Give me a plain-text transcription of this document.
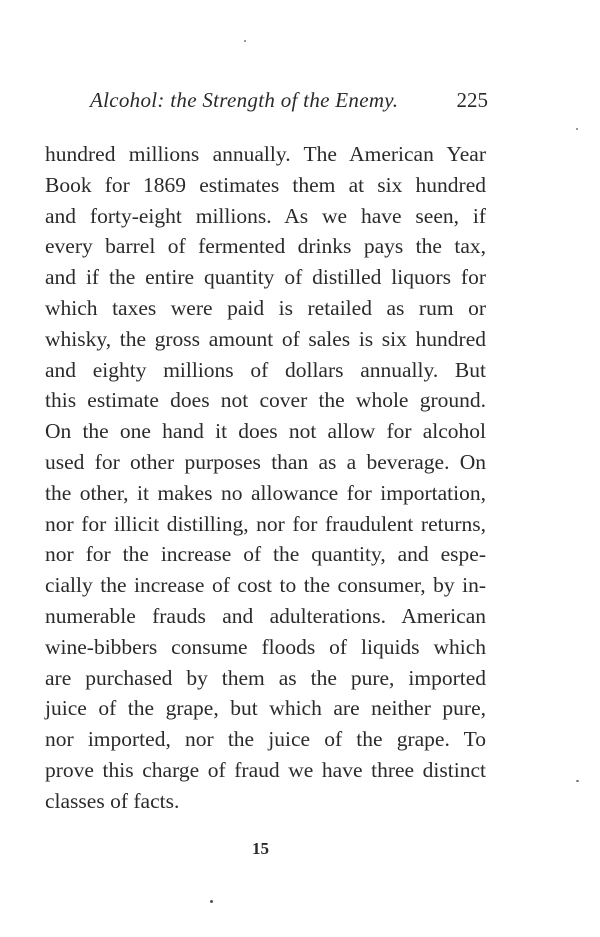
Alcohol: the Strength of the Enemy.	225
hundred millions annually. The American Year
Book for 1869 estimates them at six hundred
and forty-eight millions. As we have seen, if
every barrel of fermented drinks pays the tax,
and if the entire quantity of distilled liquors for
which taxes were paid is retailed as rum or
whisky, the gross amount of sales is six hundred
and eighty millions of dollars annually. But
this estimate does not cover the whole ground.
On the one hand it does not allow for alcohol
used for other purposes than as a beverage. On
the other, it makes no allowance for importation,
nor for illicit distilling, nor for fraudulent returns,
nor for the increase of the quantity, and espe-
cially the increase of cost to the consumer, by in-
numerable frauds and adulterations. American
wine-bibbers consume floods of liquids which
are purchased by them as the pure, imported
juice of the grape, but which are neither pure,
nor imported, nor the juice of the grape. To
prove this charge of fraud we have three distinct
classes of facts.
15
